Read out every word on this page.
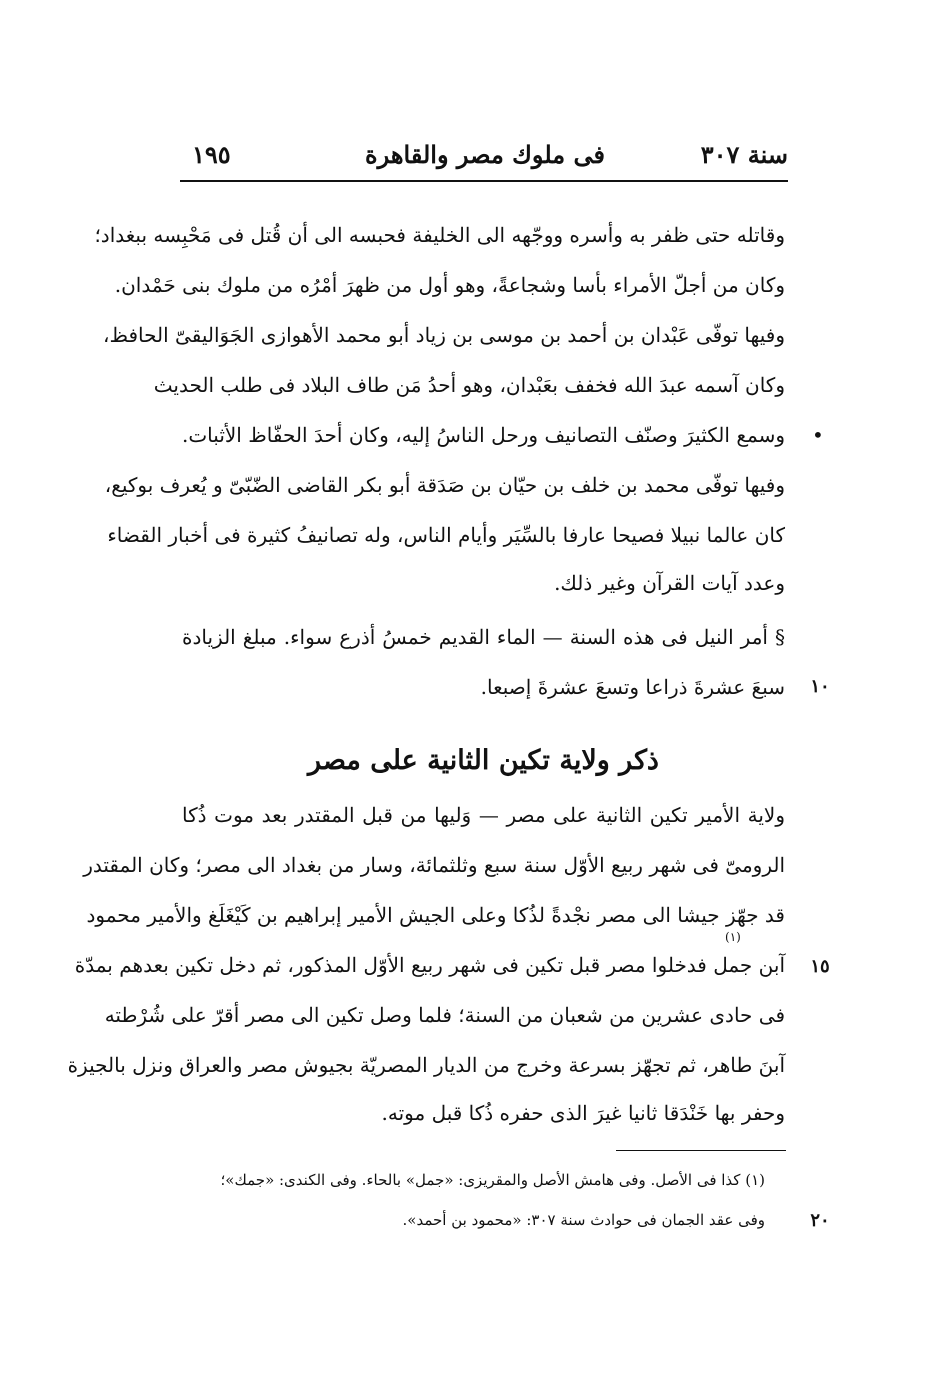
سنة ٣٠٧
فى ملوك مصر والقاهرة
١٩٥
وقاتله حتى ظفر به وأسره ووجّهه الى الخليفة فحبسه الى أن قُتل فى مَحْبِسه ببغداد؛
وكان من أجلّ الأمراء بأسا وشجاعةً، وهو أول من ظهرَ أمْرُه من ملوك بنى حَمْدان.
وفيها توفّى عَبْدان بن أحمد بن موسى بن زياد أبو محمد الأهوازى الجَوَاليقىّ الحافظ،
وكان آسمه عبدَ الله فخفف بعَبْدان، وهو أحدُ مَن طاف البلاد فى طلب الحديث
وسمع الكثيرَ وصنّف التصانيف ورحل الناسُ إليه، وكان أحدَ الحفّاظ الأثبات.
وفيها توفّى محمد بن خلف بن حيّان بن صَدَقة أبو بكر القاضى الضّبّىّ و يُعرف بوكيع،
كان عالما نبيلا فصيحا عارفا بالسِّيَر وأيام الناس، وله تصانيفُ كثيرة فى أخبار القضاء
وعدد آيات القرآن وغير ذلك.
•
§ أمر النيل فى هذه السنة — الماء القديم خمسُ أذرع سواء. مبلغ الزيادة
سبعَ عشرةَ ذراعا وتسعَ عشرةَ إصبعا.	١٠
ذكر ولاية تكين الثانية على مصر
ولاية الأمير تكين الثانية على مصر — وَليها من قبل المقتدر بعد موت ذُكا
الرومىّ فى شهر ربيع الأوّل سنة سبع وثلثمائة، وسار من بغداد الى مصر؛ وكان المقتدر
قد جهّز جيشا الى مصر نجْدةً لذُكا وعلى الجيش الأمير إبراهيم بن كَيْغَلَغ والأمير محمود
(١)
آبن جمل فدخلوا مصر قبل تكين فى شهر ربيع الأوّل المذكور، ثم دخل تكين بعدهم بمدّة
فى حادى عشرين من شعبان من السنة؛ فلما وصل تكين الى مصر أقرّ على شُرْطته
آبنَ طاهر، ثم تجهّز بسرعة وخرج من الديار المصريّة بجيوش مصر والعراق ونزل بالجيزة
وحفر بها خَنْدَقا ثانيا غيرَ الذى حفره ذُكا قبل موته.
١٥
(١) كذا فى الأصل. وفى هامش الأصل والمقريزى: «جمل» بالحاء. وفى الكندى: «جمك»؛
وفى عقد الجمان فى حوادث سنة ٣٠٧: «محمود بن أحمد».	٢٠
